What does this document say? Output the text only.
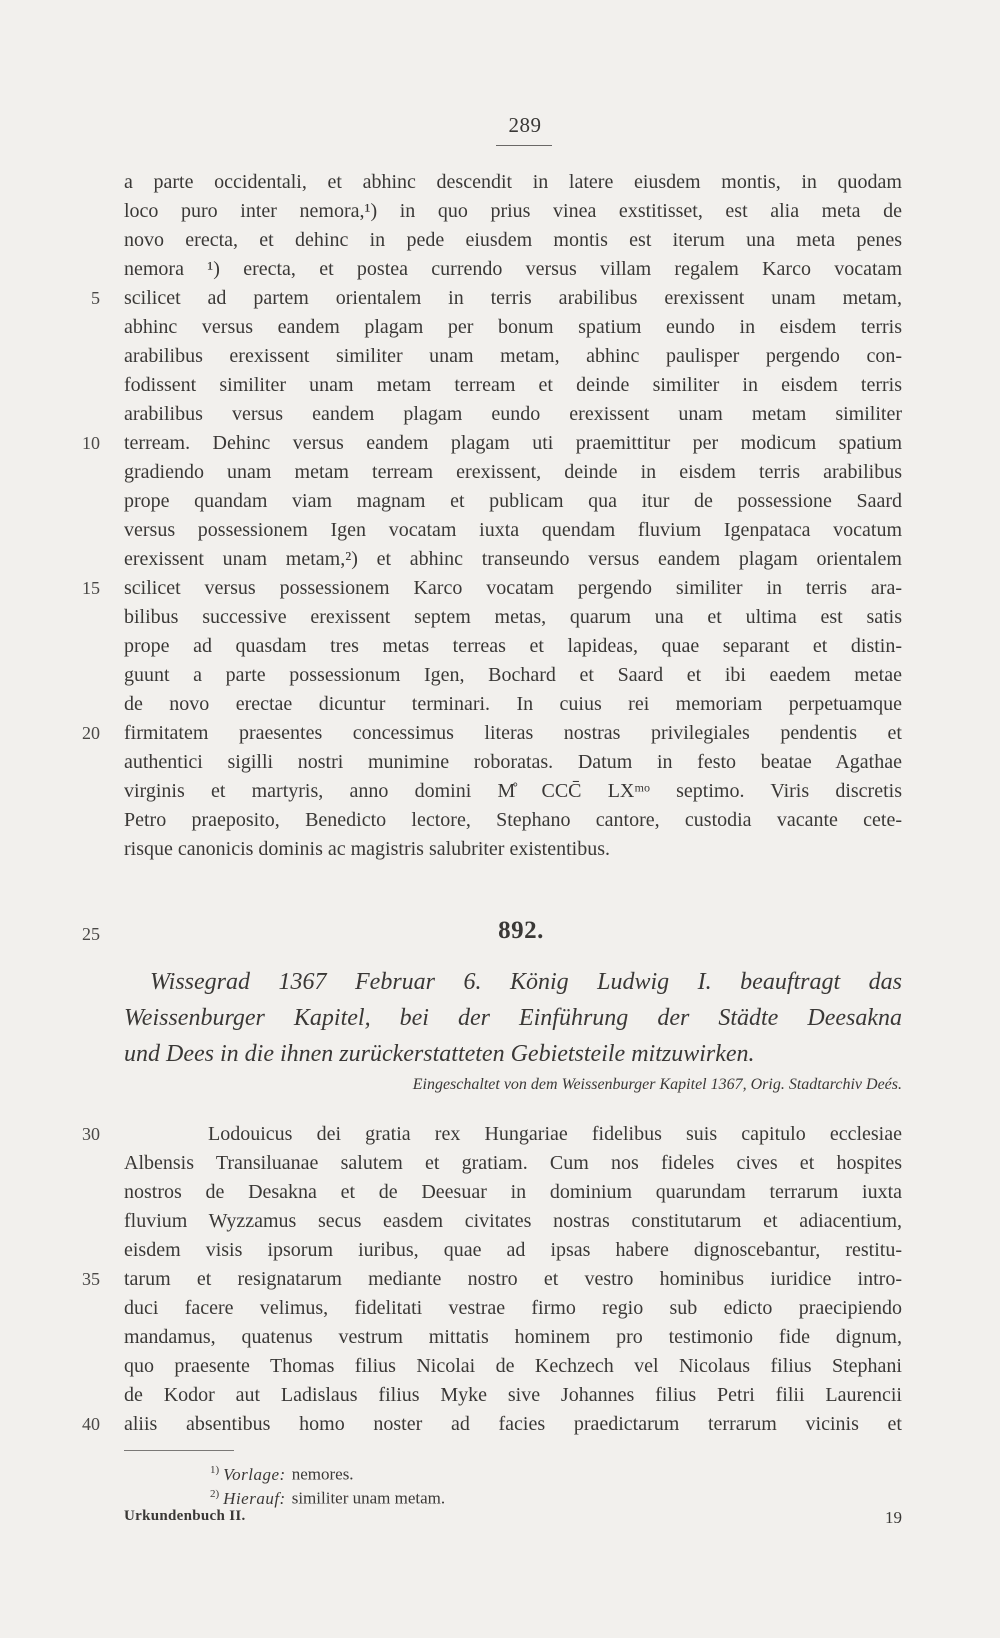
289
a parte occidentali, et abhinc descendit in latere eiusdem montis, in quodam
loco puro inter nemora,¹) in quo prius vinea exstitisset, est alia meta de
novo erecta, et dehinc in pede eiusdem montis est iterum una meta penes
nemora ¹) erecta, et postea currendo versus villam regalem Karco vocatam
scilicet ad partem orientalem in terris arabilibus erexissent unam metam,
abhinc versus eandem plagam per bonum spatium eundo in eisdem terris
arabilibus erexissent similiter unam metam, abhinc paulisper pergendo con-
fodissent similiter unam metam terream et deinde similiter in eisdem terris
arabilibus versus eandem plagam eundo erexissent unam metam similiter
terream. Dehinc versus eandem plagam uti praemittitur per modicum spatium
gradiendo unam metam terream erexissent, deinde in eisdem terris arabilibus
prope quandam viam magnam et publicam qua itur de possessione Saard
versus possessionem Igen vocatam iuxta quendam fluvium Igenpataca vocatum
erexissent unam metam,²) et abhinc transeundo versus eandem plagam orientalem
scilicet versus possessionem Karco vocatam pergendo similiter in terris ara-
bilibus successive erexissent septem metas, quarum una et ultima est satis
prope ad quasdam tres metas terreas et lapideas, quae separant et distin-
guunt a parte possessionum Igen, Bochard et Saard et ibi eaedem metae
de novo erectae dicuntur terminari. In cuius rei memoriam perpetuamque
firmitatem praesentes concessimus literas nostras privilegiales pendentis et
authentici sigilli nostri munimine roboratas. Datum in festo beatae Agathae
virginis et martyris, anno domini M̊ CCC̄ LXᵐᵒ septimo. Viris discretis
Petro praeposito, Benedicto lectore, Stephano cantore, custodia vacante cete-
risque canonicis dominis ac magistris salubriter existentibus.
5
10
15
20
25
30
35
40
892.
Wissegrad 1367 Februar 6. König Ludwig I. beauftragt das
Weissenburger Kapitel, bei der Einführung der Städte Deesakna
und Dees in die ihnen zurückerstatteten Gebietsteile mitzuwirken.
Eingeschaltet von dem Weissenburger Kapitel 1367, Orig. Stadtarchiv Deés.
Lodouicus dei gratia rex Hungariae fidelibus suis capitulo ecclesiae
Albensis Transiluanae salutem et gratiam. Cum nos fideles cives et hospites
nostros de Desakna et de Deesuar in dominium quarundam terrarum iuxta
fluvium Wyzzamus secus easdem civitates nostras constitutarum et adiacentium,
eisdem visis ipsorum iuribus, quae ad ipsas habere dignoscebantur, restitu-
tarum et resignatarum mediante nostro et vestro hominibus iuridice intro-
duci facere velimus, fidelitati vestrae firmo regio sub edicto praecipiendo
mandamus, quatenus vestrum mittatis hominem pro testimonio fide dignum,
quo praesente Thomas filius Nicolai de Kechzech vel Nicolaus filius Stephani
de Kodor aut Ladislaus filius Myke sive Johannes filius Petri filii Laurencii
aliis absentibus homo noster ad facies praedictarum terrarum vicinis et
$^{1)}$ Vorlage: nemores.
$^{2)}$ Hierauf: similiter unam metam.
Urkundenbuch II.	19
